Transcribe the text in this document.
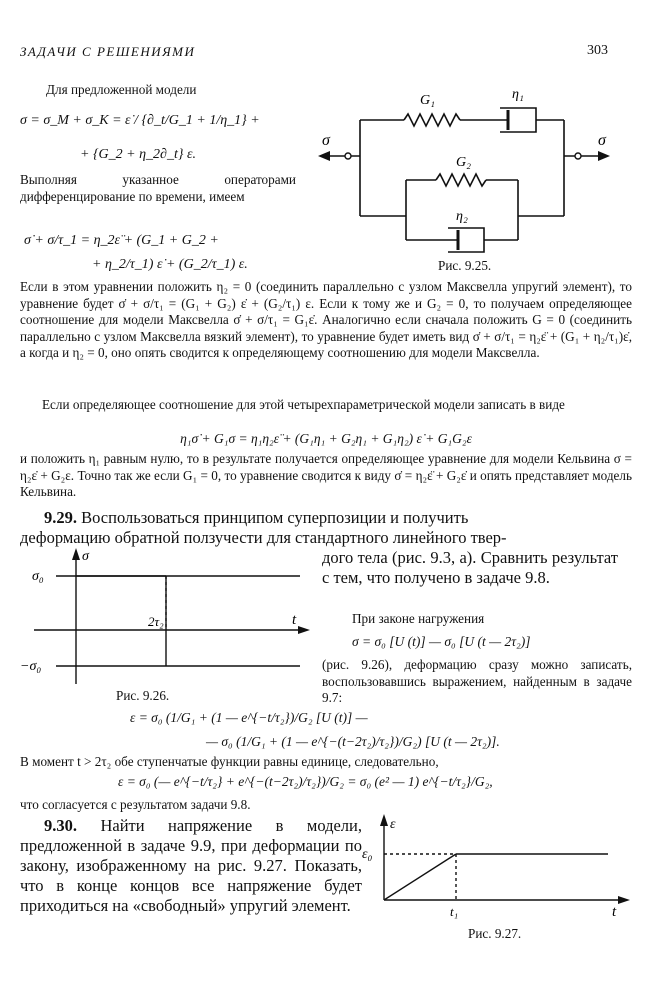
ЗАДАЧИ С РЕШЕНИЯМИ	303
Для предложенной модели
σ = σ_M + σ_K = ε̇ / {∂_t/G_1 + 1/η_1} +
+ {G_2 + η_2∂_t} ε.
Выполняя указанное операторами дифференцирование по времени, имеем
σ̇ + σ/τ_1 = η_2ε̈ + (G_1 + G_2 +
+ η_2/τ_1) ε̇ + (G_2/τ_1) ε.
σ	σ
G₁	η₁
G₂
η₂
Рис. 9.25.
Если в этом уравнении положить η₂ = 0 (соединить параллельно с узлом Максвелла упругий элемент), то уравнение будет σ̇ + σ/τ₁ = (G₁ + G₂) ε̇ + (G₂/τ₁) ε. Если к тому же и G₂ = 0, то получаем определяющее соотношение для модели Максвелла σ̇ + σ/τ₁ = G₁ε̇. Аналогично если сначала положить G = 0 (соединить параллельно с узлом Максвелла вязкий элемент), то уравнение будет иметь вид σ̇ + σ/τ₁ = η₂ε̈ + (G₁ + η₂/τ₁)ε̇, а когда и η₂ = 0, оно опять сводится к определяющему соотношению для модели Максвелла.
Если определяющее соотношение для этой четырехпараметрической модели записать в виде
η₁σ̇ + G₁σ = η₁η₂ε̈ + (G₁η₁ + G₂η₁ + G₁η₂) ε̇ + G₁G₂ε
и положить η₁ равным нулю, то в результате получается определяющее уравнение для модели Кельвина σ = η₂ε̇ + G₂ε. Точно так же если G₁ = 0, то уравнение сводится к виду σ̇ = η₂ε̈ + G₂ε̇ и опять представляет модель Кельвина.
9.29. Воспользоваться принципом суперпозиции и получить
деформацию обратной ползучести для стандартного линейного твер-
дого тела (рис. 9.3, а). Сравнить результат с тем, что получено в задаче 9.8.
σ
t
σ₀
−σ₀
2τ₂
Рис. 9.26.
При законе нагружения
σ = σ₀ [U (t)] — σ₀ [U (t — 2τ₂)]
(рис. 9.26), деформацию сразу можно записать, воспользовавшись выражением, найденным в задаче 9.7:
ε = σ₀ (1/G₁ + (1 — e^{−t/τ₂})/G₂ [U (t)] —
— σ₀ (1/G₁ + (1 — e^{−(t−2τ₂)/τ₂})/G₂) [U (t — 2τ₂)].
В момент t > 2τ₂ обе ступенчатые функции равны единице, следовательно,
ε = σ₀ (— e^{−t/τ₂} + e^{−(t−2τ₂)/τ₂})/G₂ = σ₀ (e² — 1) e^{−t/τ₂}/G₂,
что согласуется с результатом задачи 9.8.
9.30. Найти напряжение в модели, предложенной в задаче 9.9, при деформации по закону, изображенному на рис. 9.27. Показать, что в конце концов все напряжение будет приходиться на «свободный» упругий элемент.
ε
ε₀
t₁	t
Рис. 9.27.
